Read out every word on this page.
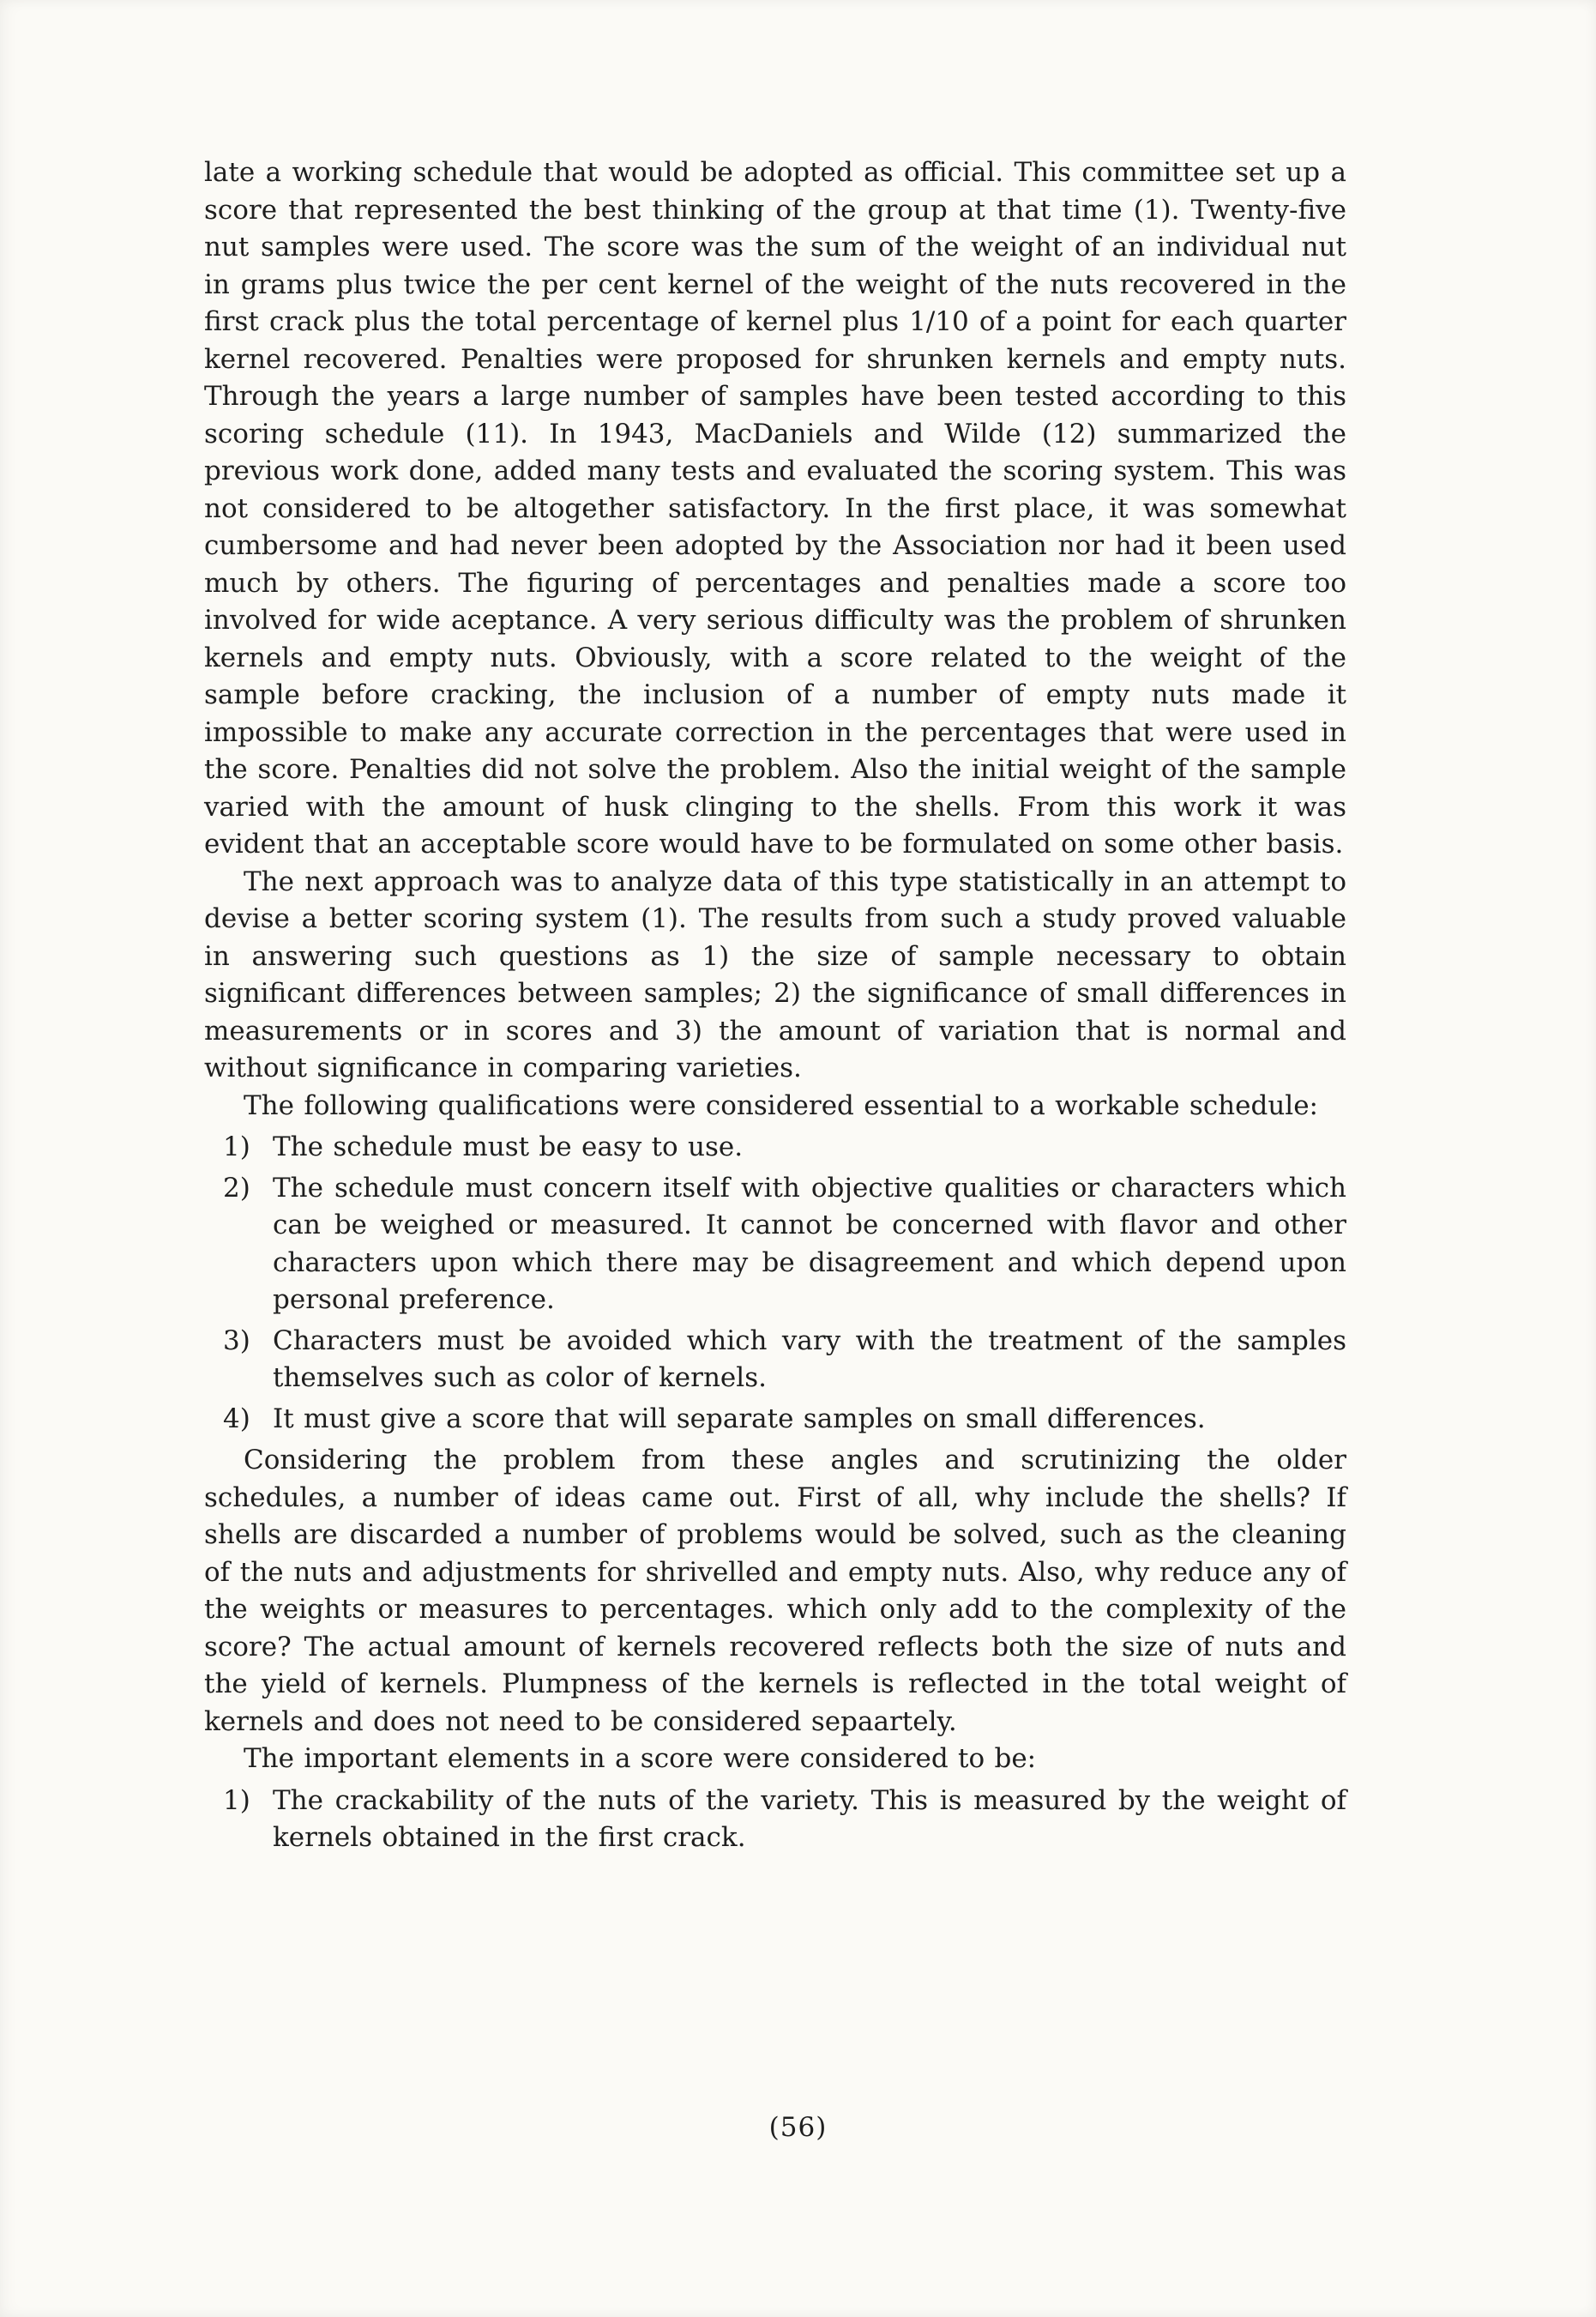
late a working schedule that would be adopted as official. This committee set up a score that represented the best thinking of the group at that time (1). Twenty-five nut samples were used. The score was the sum of the weight of an individual nut in grams plus twice the per cent kernel of the weight of the nuts recovered in the first crack plus the total percentage of kernel plus 1/10 of a point for each quarter kernel recovered. Penalties were proposed for shrunken kernels and empty nuts. Through the years a large number of samples have been tested according to this scoring schedule (11). In 1943, MacDaniels and Wilde (12) summarized the previous work done, added many tests and evaluated the scoring system. This was not considered to be altogether satisfactory. In the first place, it was somewhat cumbersome and had never been adopted by the Association nor had it been used much by others. The figuring of percentages and penalties made a score too involved for wide aceptance. A very serious difficulty was the problem of shrunken kernels and empty nuts. Obviously, with a score related to the weight of the sample before cracking, the inclusion of a number of empty nuts made it impossible to make any accurate correction in the percentages that were used in the score. Penalties did not solve the problem. Also the initial weight of the sample varied with the amount of husk clinging to the shells. From this work it was evident that an acceptable score would have to be formulated on some other basis.

The next approach was to analyze data of this type statistically in an attempt to devise a better scoring system (1). The results from such a study proved valuable in answering such questions as 1) the size of sample necessary to obtain significant differences between samples; 2) the significance of small differences in measurements or in scores and 3) the amount of variation that is normal and without significance in comparing varieties.

The following qualifications were considered essential to a workable schedule:

1) The schedule must be easy to use.
2) The schedule must concern itself with objective qualities or characters which can be weighed or measured. It cannot be concerned with flavor and other characters upon which there may be disagreement and which depend upon personal preference.
3) Characters must be avoided which vary with the treatment of the samples themselves such as color of kernels.
4) It must give a score that will separate samples on small differences.

Considering the problem from these angles and scrutinizing the older schedules, a number of ideas came out. First of all, why include the shells? If shells are discarded a number of problems would be solved, such as the cleaning of the nuts and adjustments for shrivelled and empty nuts. Also, why reduce any of the weights or measures to percentages. which only add to the complexity of the score? The actual amount of kernels recovered reflects both the size of nuts and the yield of kernels. Plumpness of the kernels is reflected in the total weight of kernels and does not need to be considered sepaartely.

The important elements in a score were considered to be:

1) The crackability of the nuts of the variety. This is measured by the weight of kernels obtained in the first crack.
(56)
